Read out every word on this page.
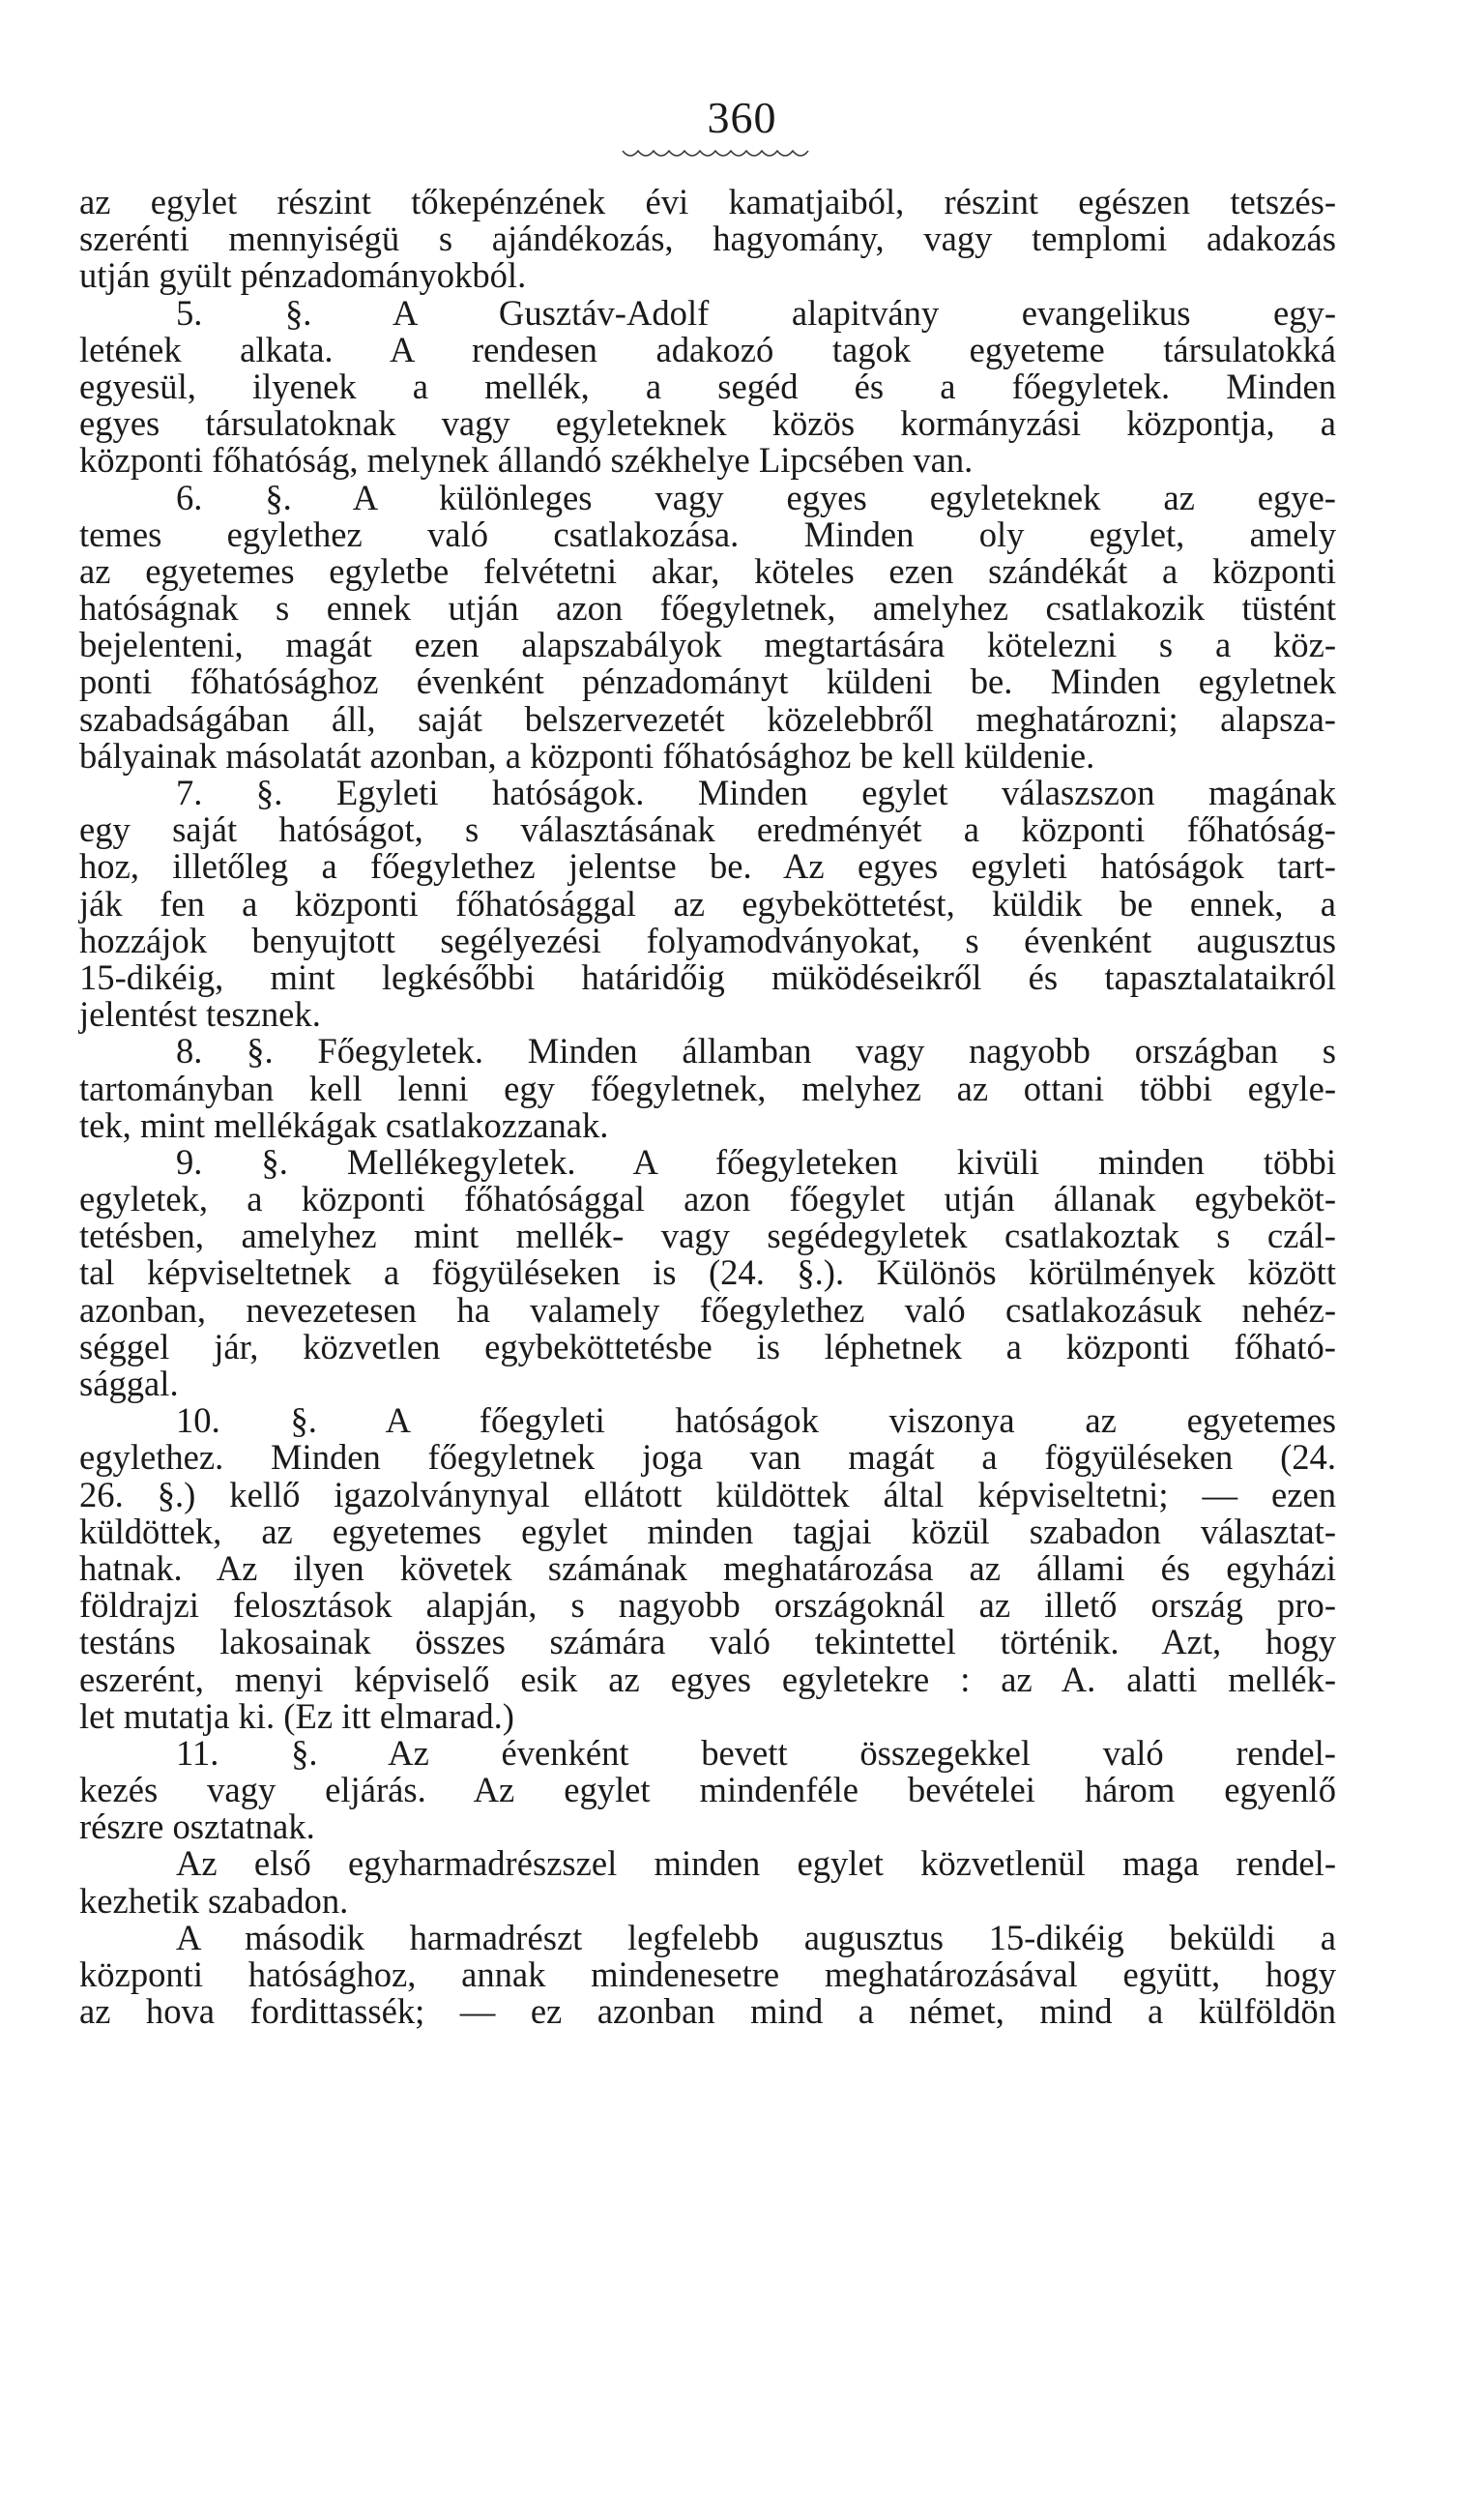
360
az egylet részint tőkepénzének évi kamatjaiból, részint egészen tetszés-
szerénti mennyiségü s ajándékozás, hagyomány, vagy templomi adakozás
utján gyült pénzadományokból.
5. §. A Gusztáv-Adolf alapitvány evangelikus egy-
letének alkata. A rendesen adakozó tagok egyeteme társulatokká
egyesül, ilyenek a mellék, a segéd és a főegyletek. Minden
egyes társulatoknak vagy egyleteknek közös kormányzási központja, a
központi főhatóság, melynek állandó székhelye Lipcsében van.
6. §. A különleges vagy egyes egyleteknek az egye-
temes egylethez való csatlakozása. Minden oly egylet, amely
az egyetemes egyletbe felvétetni akar, köteles ezen szándékát a központi
hatóságnak s ennek utján azon főegyletnek, amelyhez csatlakozik tüstént
bejelenteni, magát ezen alapszabályok megtartására kötelezni s a köz-
ponti főhatósághoz évenként pénzadományt küldeni be. Minden egyletnek
szabadságában áll, saját belszervezetét közelebbről meghatározni; alapsza-
bályainak másolatát azonban, a központi főhatósághoz be kell küldenie.
7. §. Egyleti hatóságok. Minden egylet válaszszon magának
egy saját hatóságot, s választásának eredményét a központi főhatóság-
hoz, illetőleg a főegylethez jelentse be. Az egyes egyleti hatóságok tart-
ják fen a központi főhatósággal az egybeköttetést, küldik be ennek, a
hozzájok benyujtott segélyezési folyamodványokat, s évenként augusztus
15-dikéig, mint legkésőbbi határidőig müködéseikről és tapasztalataikról
jelentést tesznek.
8. §. Főegyletek. Minden államban vagy nagyobb országban s
tartományban kell lenni egy főegyletnek, melyhez az ottani többi egyle-
tek, mint mellékágak csatlakozzanak.
9. §. Mellékegyletek. A főegyleteken kivüli minden többi
egyletek, a központi főhatósággal azon főegylet utján állanak egybeköt-
tetésben, amelyhez mint mellék- vagy segédegyletek csatlakoztak s czál-
tal képviseltetnek a fögyüléseken is (24. §.). Különös körülmények között
azonban, nevezetesen ha valamely főegylethez való csatlakozásuk nehéz-
séggel jár, közvetlen egybeköttetésbe is léphetnek a központi főható-
sággal.
10. §. A főegyleti hatóságok viszonya az egyetemes
egylethez. Minden főegyletnek joga van magát a fögyüléseken (24.
26. §.) kellő igazolványnyal ellátott küldöttek által képviseltetni; — ezen
küldöttek, az egyetemes egylet minden tagjai közül szabadon választat-
hatnak. Az ilyen követek számának meghatározása az állami és egyházi
földrajzi felosztások alapján, s nagyobb országoknál az illető ország pro-
testáns lakosainak összes számára való tekintettel történik. Azt, hogy
eszerént, menyi képviselő esik az egyes egyletekre : az A. alatti mellék-
let mutatja ki. (Ez itt elmarad.)
11. §. Az évenként bevett összegekkel való rendel-
kezés vagy eljárás. Az egylet mindenféle bevételei három egyenlő
részre osztatnak.
Az első egyharmadrészszel minden egylet közvetlenül maga rendel-
kezhetik szabadon.
A második harmadrészt legfelebb augusztus 15-dikéig beküldi a
központi hatósághoz, annak mindenesetre meghatározásával együtt, hogy
az hova fordittassék; — ez azonban mind a német, mind a külföldön
